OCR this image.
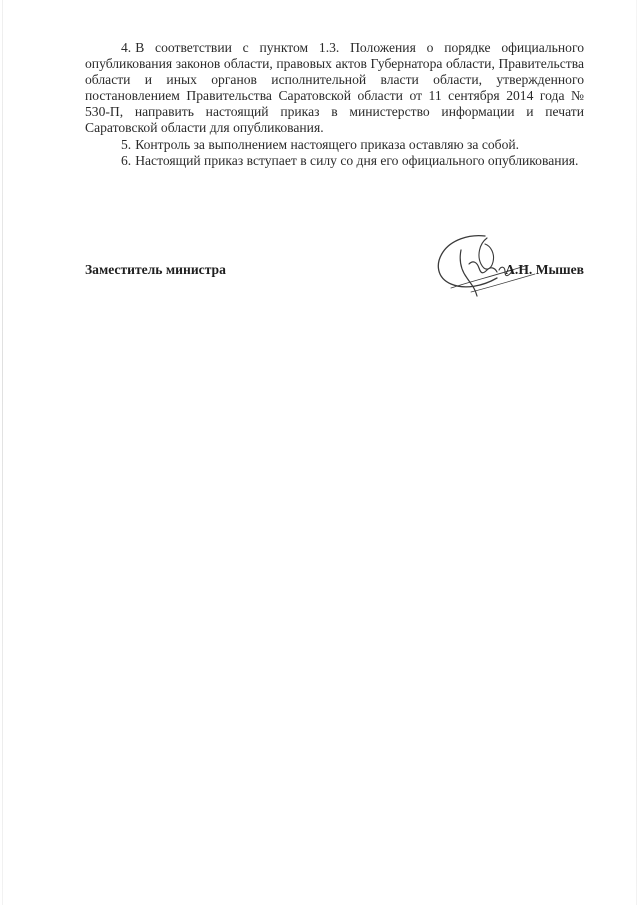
4. В соответствии с пунктом 1.3. Положения о порядке официального опубликования законов области, правовых актов Губернатора области, Правительства области и иных органов исполнительной власти области, утвержденного постановлением Правительства Саратовской области от 11 сентября 2014 года № 530-П, направить настоящий приказ в министерство информации и печати Саратовской области для опубликования.

5. Контроль за выполнением настоящего приказа оставляю за собой.

6. Настоящий приказ вступает в силу со дня его официального опубликования.

Заместитель министра	А.Н. Мышев
